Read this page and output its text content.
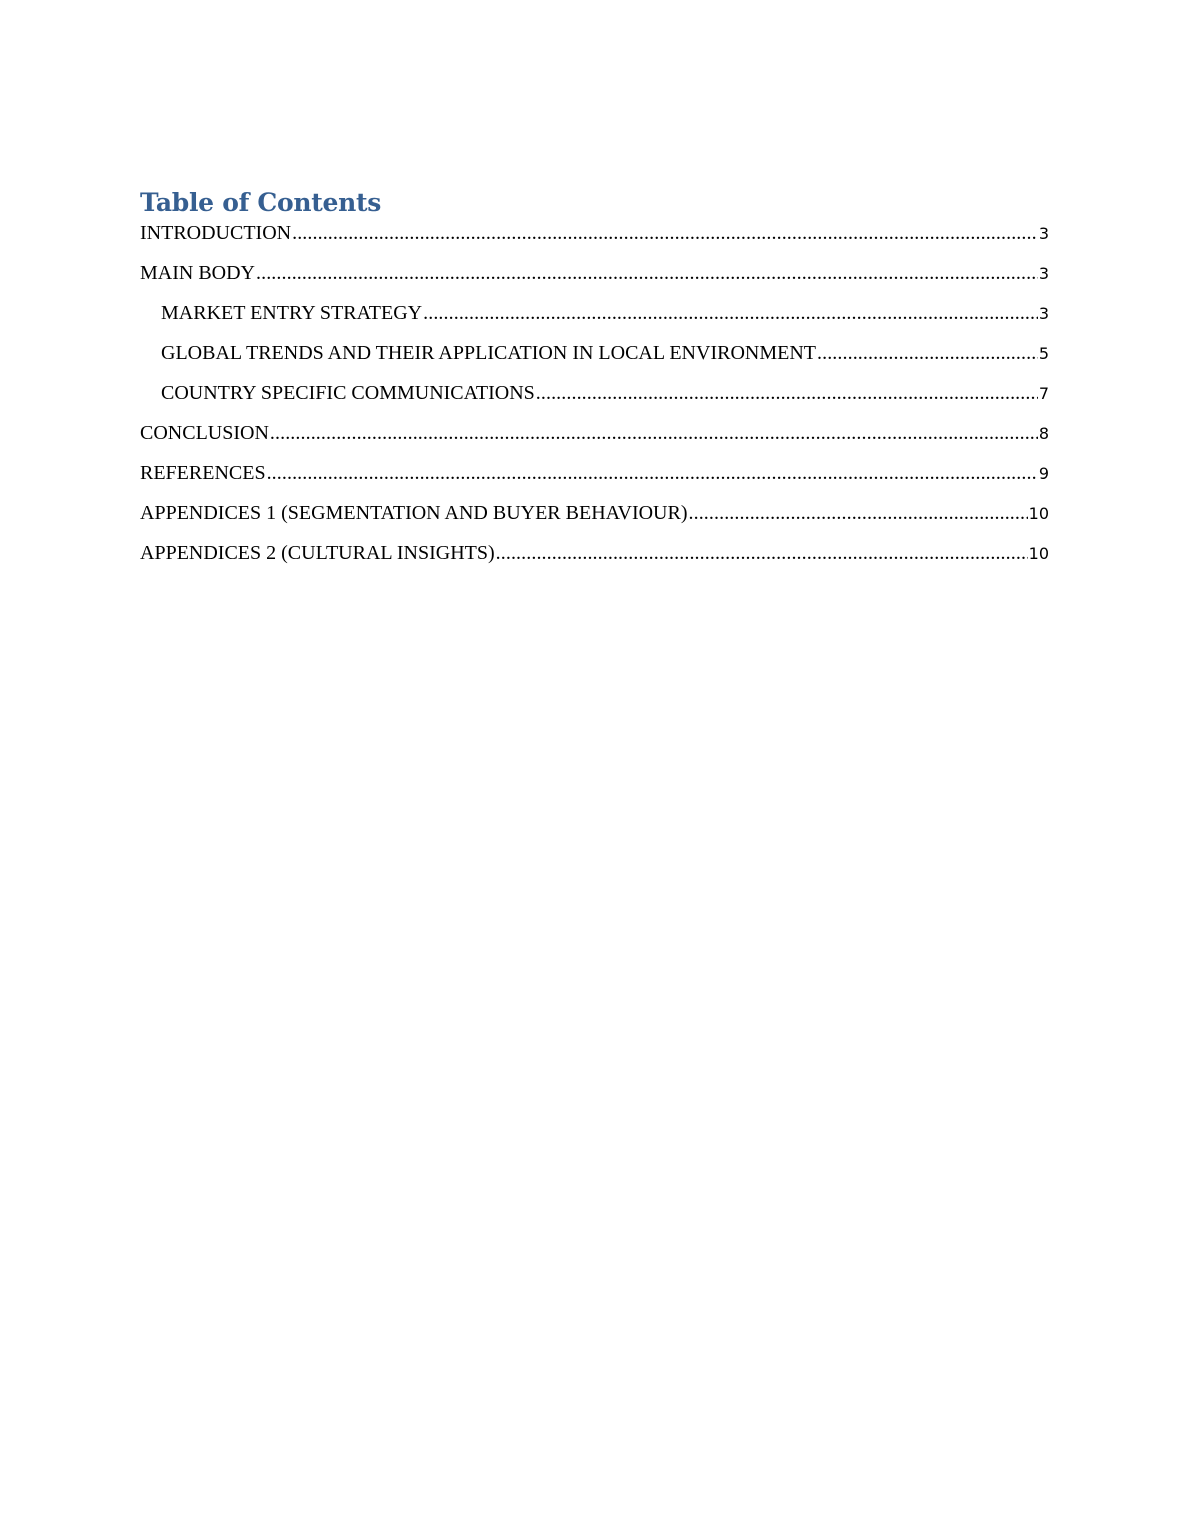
Table of Contents
INTRODUCTION .....	3
MAIN BODY .....	3
MARKET ENTRY STRATEGY .....	3
GLOBAL TRENDS AND THEIR APPLICATION IN LOCAL ENVIRONMENT .....	5
COUNTRY SPECIFIC COMMUNICATIONS .....	7
CONCLUSION .....	8
REFERENCES .....	9
APPENDICES 1 (SEGMENTATION AND BUYER BEHAVIOUR) .....	10
APPENDICES 2 (CULTURAL INSIGHTS) .....	10
